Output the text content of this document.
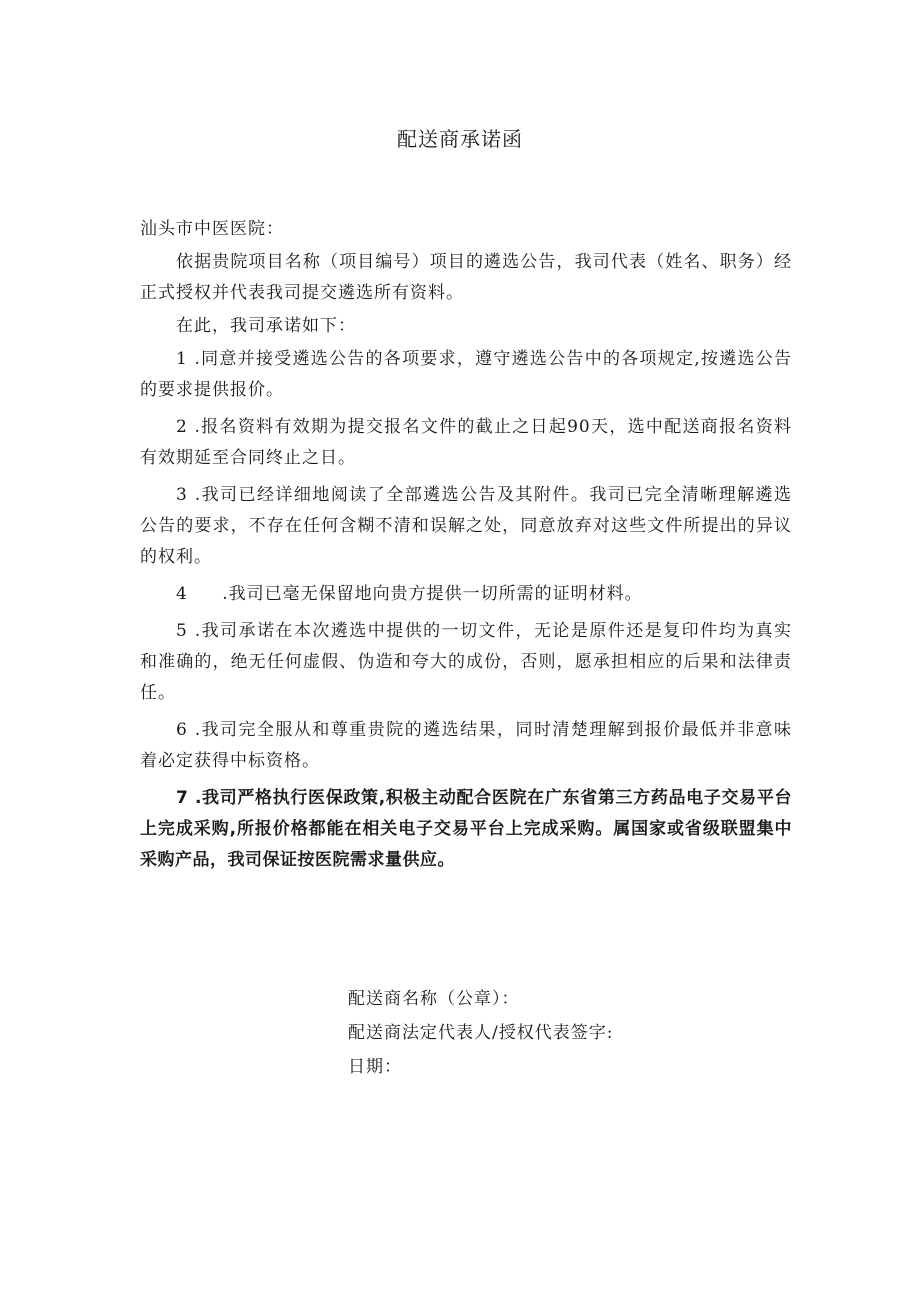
配送商承诺函

汕头市中医医院：

依据贵院项目名称（项目编号）项目的遴选公告，我司代表（姓名、职务）经正式授权并代表我司提交遴选所有资料。

在此，我司承诺如下：

1 .同意并接受遴选公告的各项要求，遵守遴选公告中的各项规定,按遴选公告的要求提供报价。

2 .报名资料有效期为提交报名文件的截止之日起90天，选中配送商报名资料有效期延至合同终止之日。

3 .我司已经详细地阅读了全部遴选公告及其附件。我司已完全清晰理解遴选公告的要求，不存在任何含糊不清和误解之处，同意放弃对这些文件所提出的异议的权利。

4 .我司已毫无保留地向贵方提供一切所需的证明材料。

5 .我司承诺在本次遴选中提供的一切文件，无论是原件还是复印件均为真实和准确的，绝无任何虚假、伪造和夸大的成份，否则，愿承担相应的后果和法律责任。

6 .我司完全服从和尊重贵院的遴选结果，同时清楚理解到报价最低并非意味着必定获得中标资格。

7 .我司严格执行医保政策,积极主动配合医院在广东省第三方药品电子交易平台上完成采购,所报价格都能在相关电子交易平台上完成采购。属国家或省级联盟集中采购产品，我司保证按医院需求量供应。

配送商名称（公章）：
配送商法定代表人/授权代表签字:
日期：
